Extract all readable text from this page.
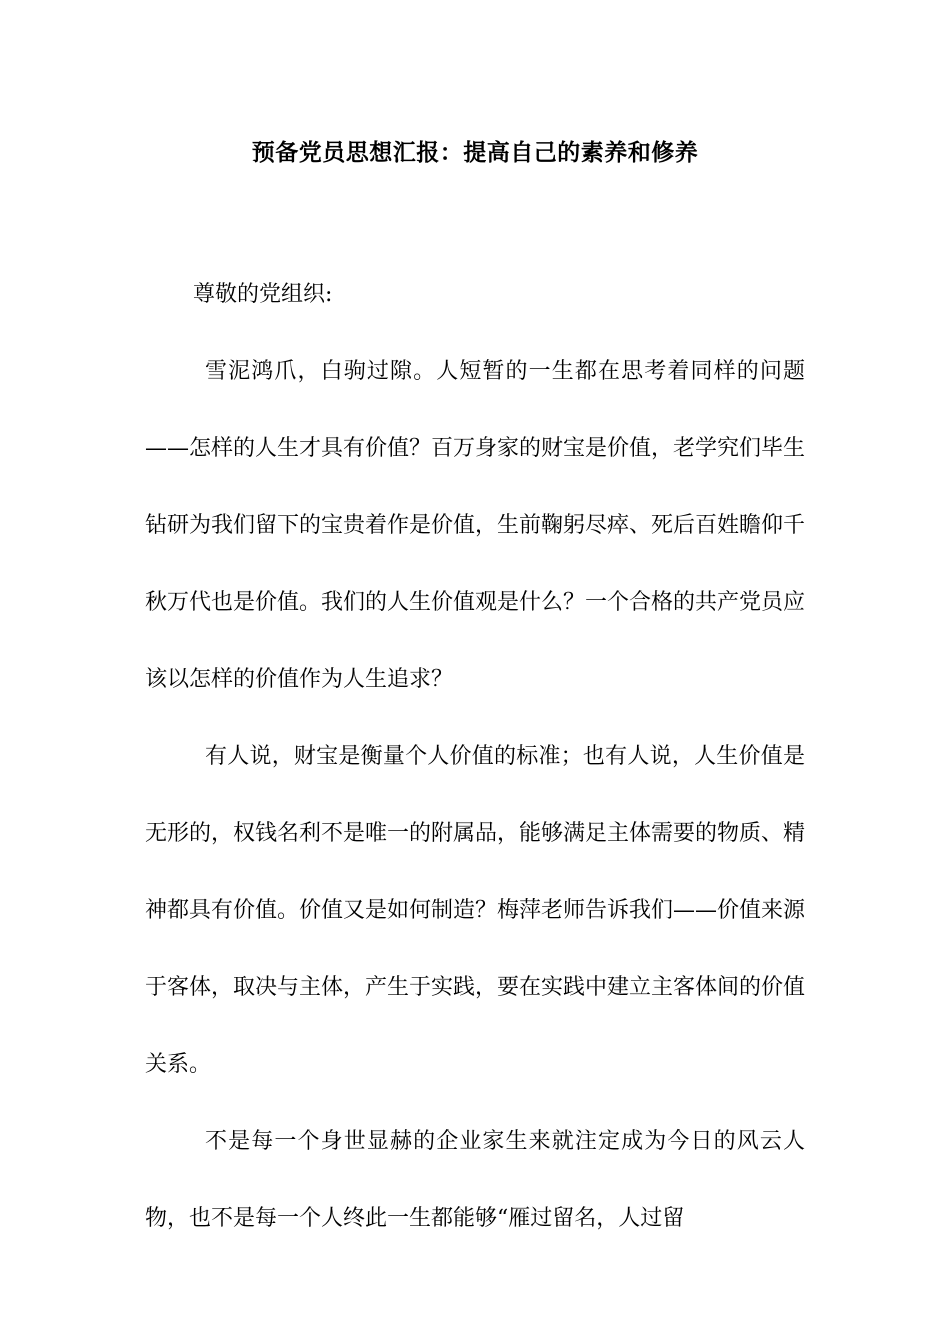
预备党员思想汇报：提高自己的素养和修养

尊敬的党组织:

雪泥鸿爪，白驹过隙。人短暂的一生都在思考着同样的问题——怎样的人生才具有价值？百万身家的财宝是价值，老学究们毕生钻研为我们留下的宝贵着作是价值，生前鞠躬尽瘁、死后百姓瞻仰千秋万代也是价值。我们的人生价值观是什么？一个合格的共产党员应该以怎样的价值作为人生追求？

有人说，财宝是衡量个人价值的标准；也有人说，人生价值是无形的，权钱名利不是唯一的附属品，能够满足主体需要的物质、精神都具有价值。价值又是如何制造？梅萍老师告诉我们——价值来源于客体，取决与主体，产生于实践，要在实践中建立主客体间的价值关系。

不是每一个身世显赫的企业家生来就注定成为今日的风云人物，也不是每一个人终此一生都能够“雁过留名，人过留
